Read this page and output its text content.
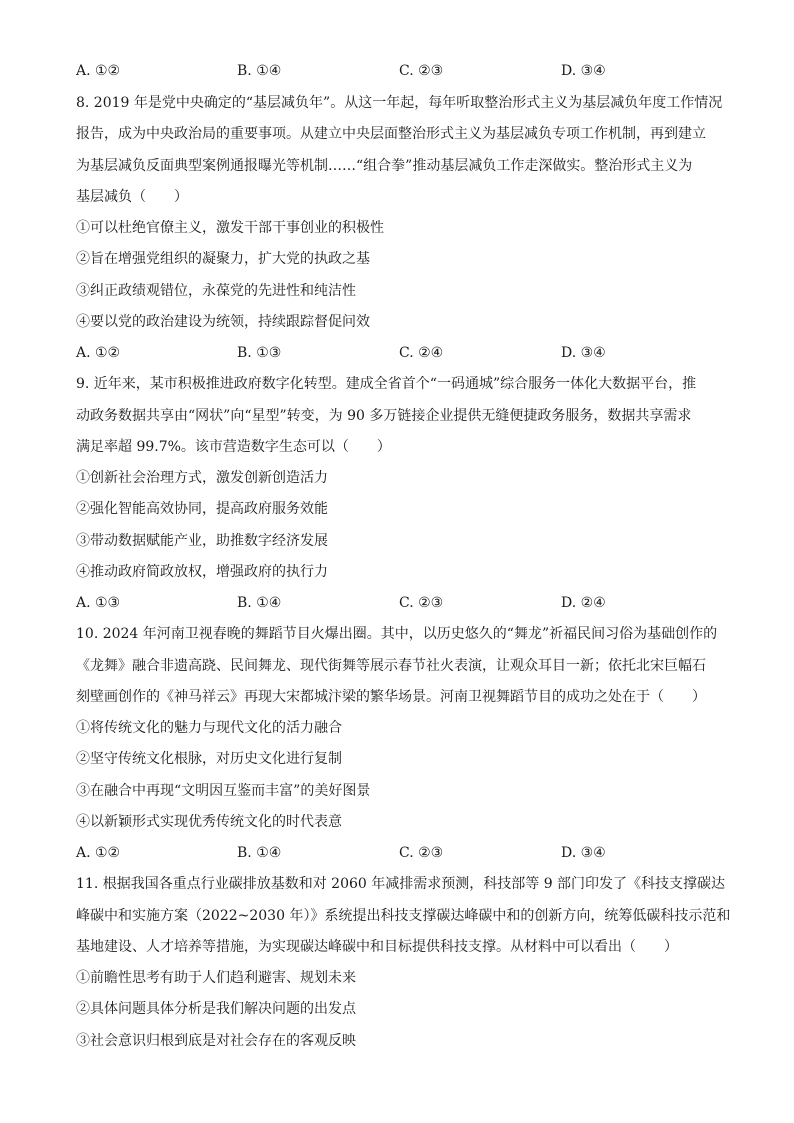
A. ①②	B. ①④	C. ②③	D. ③④
8. 2019 年是党中央确定的“基层减负年”。从这一年起，每年听取整治形式主义为基层减负年度工作情况
报告，成为中央政治局的重要事项。从建立中央层面整治形式主义为基层减负专项工作机制，再到建立
为基层减负反面典型案例通报曝光等机制……“组合拳”推动基层减负工作走深做实。整治形式主义为
基层减负（　　）
①可以杜绝官僚主义，激发干部干事创业的积极性
②旨在增强党组织的凝聚力，扩大党的执政之基
③纠正政绩观错位，永葆党的先进性和纯洁性
④要以党的政治建设为统领，持续跟踪督促问效
A. ①②	B. ①③	C. ②④	D. ③④
9. 近年来，某市积极推进政府数字化转型。建成全省首个“一码通城”综合服务一体化大数据平台，推
动政务数据共享由“网状”向“星型”转变，为 90 多万链接企业提供无缝便捷政务服务，数据共享需求
满足率超 99.7%。该市营造数字生态可以（　　）
①创新社会治理方式，激发创新创造活力
②强化智能高效协同，提高政府服务效能
③带动数据赋能产业，助推数字经济发展
④推动政府简政放权，增强政府的执行力
A. ①③	B. ①④	C. ②③	D. ②④
10. 2024 年河南卫视春晚的舞蹈节目火爆出圈。其中，以历史悠久的“舞龙”祈福民间习俗为基础创作的
《龙舞》融合非遗高跷、民间舞龙、现代街舞等展示春节社火表演，让观众耳目一新；依托北宋巨幅石
刻壁画创作的《神马祥云》再现大宋都城汴梁的繁华场景。河南卫视舞蹈节目的成功之处在于（　　）
①将传统文化的魅力与现代文化的活力融合
②坚守传统文化根脉，对历史文化进行复制
③在融合中再现“文明因互鉴而丰富”的美好图景
④以新颖形式实现优秀传统文化的时代表意
A. ①②	B. ①④	C. ②③	D. ③④
11. 根据我国各重点行业碳排放基数和对 2060 年减排需求预测，科技部等 9 部门印发了《科技支撑碳达
峰碳中和实施方案（2022~2030 年）》系统提出科技支撑碳达峰碳中和的创新方向，统筹低碳科技示范和
基地建设、人才培养等措施，为实现碳达峰碳中和目标提供科技支撑。从材料中可以看出（　　）
①前瞻性思考有助于人们趋利避害、规划未来
②具体问题具体分析是我们解决问题的出发点
③社会意识归根到底是对社会存在的客观反映
